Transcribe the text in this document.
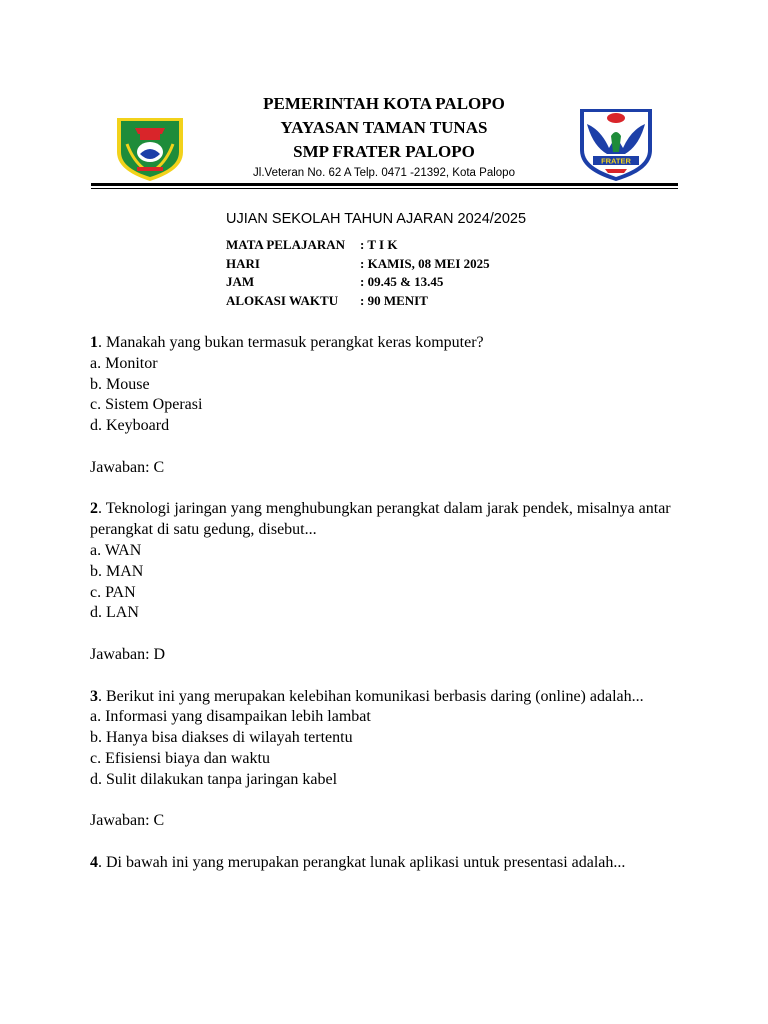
PEMERINTAH KOTA PALOPO
YAYASAN TAMAN TUNAS
SMP FRATER PALOPO
Jl.Veteran No. 62 A Telp. 0471 -21392, Kota Palopo
FRATER
UJIAN SEKOLAH TAHUN AJARAN 2024/2025
MATA PELAJARAN	: T I K
HARI	: KAMIS, 08 MEI 2025
JAM	: 09.45 & 13.45
ALOKASI WAKTU	: 90 MENIT
1. Manakah yang bukan termasuk perangkat keras komputer?
a. Monitor
b. Mouse
c. Sistem Operasi
d. Keyboard
Jawaban: C
2. Teknologi jaringan yang menghubungkan perangkat dalam jarak pendek, misalnya antar perangkat di satu gedung, disebut...
a. WAN
b. MAN
c. PAN
d. LAN
Jawaban: D
3. Berikut ini yang merupakan kelebihan komunikasi berbasis daring (online) adalah...
a. Informasi yang disampaikan lebih lambat
b. Hanya bisa diakses di wilayah tertentu
c. Efisiensi biaya dan waktu
d. Sulit dilakukan tanpa jaringan kabel
Jawaban: C
4. Di bawah ini yang merupakan perangkat lunak aplikasi untuk presentasi adalah...
